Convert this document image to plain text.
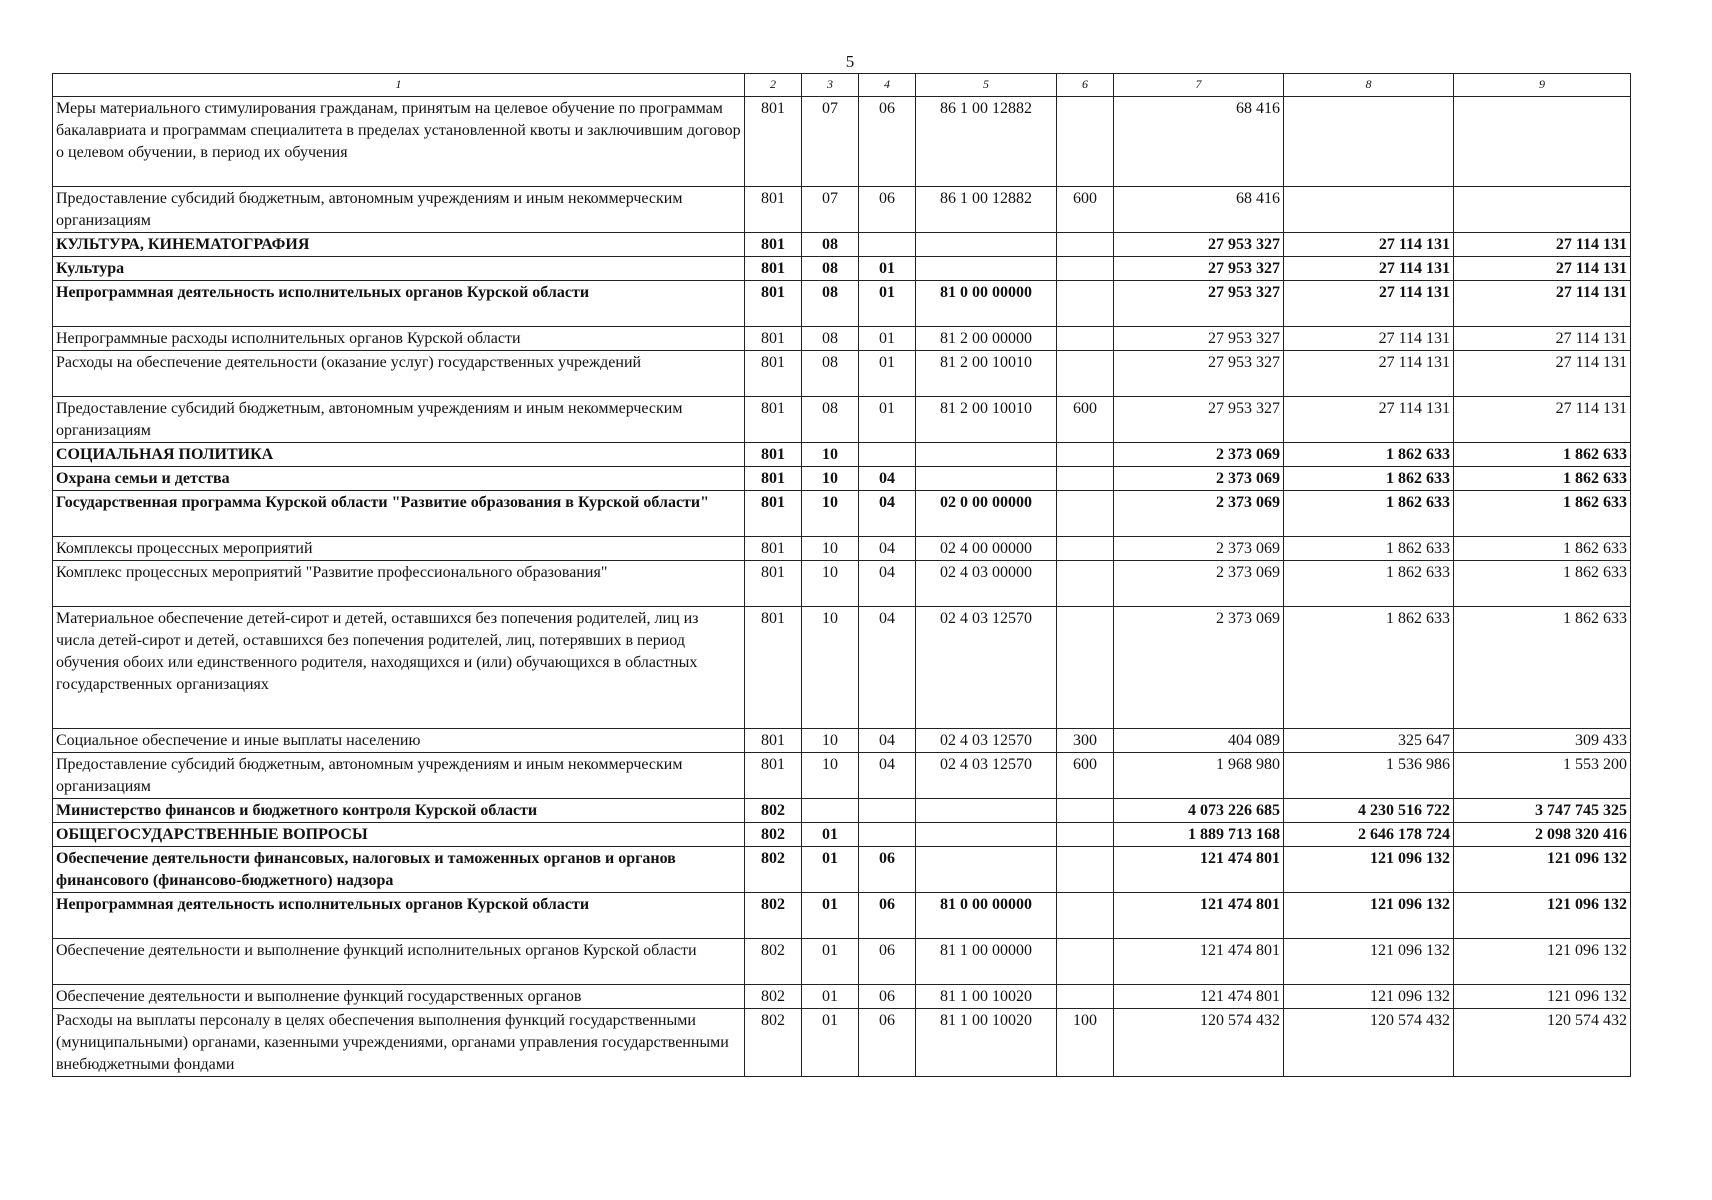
5
1	2	3	4	5	6	7	8	9
Меры материального стимулирования гражданам, принятым на целевое обучение по программам бакалавриата и программам специалитета в пределах установленной квоты и заключившим договор о целевом обучении, в период их обучения	801	07	06	86 1 00 12882		68 416		
Предоставление субсидий бюджетным, автономным учреждениям и иным некоммерческим организациям	801	07	06	86 1 00 12882	600	68 416		
КУЛЬТУРА, КИНЕМАТОГРАФИЯ	801	08				27 953 327	27 114 131	27 114 131
Культура	801	08	01			27 953 327	27 114 131	27 114 131
Непрограммная деятельность исполнительных органов Курской области	801	08	01	81 0 00 00000		27 953 327	27 114 131	27 114 131
Непрограммные расходы исполнительных органов Курской области	801	08	01	81 2 00 00000		27 953 327	27 114 131	27 114 131
Расходы на обеспечение деятельности (оказание услуг) государственных учреждений	801	08	01	81 2 00 10010		27 953 327	27 114 131	27 114 131
Предоставление субсидий бюджетным, автономным учреждениям и иным некоммерческим организациям	801	08	01	81 2 00 10010	600	27 953 327	27 114 131	27 114 131
СОЦИАЛЬНАЯ ПОЛИТИКА	801	10				2 373 069	1 862 633	1 862 633
Охрана семьи и детства	801	10	04			2 373 069	1 862 633	1 862 633
Государственная программа Курской области "Развитие образования в Курской области"	801	10	04	02 0 00 00000		2 373 069	1 862 633	1 862 633
Комплексы процессных мероприятий	801	10	04	02 4 00 00000		2 373 069	1 862 633	1 862 633
Комплекс процессных мероприятий "Развитие профессионального образования"	801	10	04	02 4 03 00000		2 373 069	1 862 633	1 862 633
Материальное обеспечение детей-сирот и детей, оставшихся без попечения родителей, лиц из числа детей-сирот и детей, оставшихся без попечения родителей, лиц, потерявших в период обучения обоих или единственного родителя, находящихся и (или) обучающихся в областных государственных организациях	801	10	04	02 4 03 12570		2 373 069	1 862 633	1 862 633
Социальное обеспечение и иные выплаты населению	801	10	04	02 4 03 12570	300	404 089	325 647	309 433
Предоставление субсидий бюджетным, автономным учреждениям и иным некоммерческим организациям	801	10	04	02 4 03 12570	600	1 968 980	1 536 986	1 553 200
Министерство финансов и бюджетного контроля Курской области	802					4 073 226 685	4 230 516 722	3 747 745 325
ОБЩЕГОСУДАРСТВЕННЫЕ ВОПРОСЫ	802	01				1 889 713 168	2 646 178 724	2 098 320 416
Обеспечение деятельности финансовых, налоговых и таможенных органов и органов финансового (финансово-бюджетного) надзора	802	01	06			121 474 801	121 096 132	121 096 132
Непрограммная деятельность исполнительных органов Курской области	802	01	06	81 0 00 00000		121 474 801	121 096 132	121 096 132
Обеспечение деятельности и выполнение функций исполнительных органов Курской области	802	01	06	81 1 00 00000		121 474 801	121 096 132	121 096 132
Обеспечение деятельности и выполнение функций государственных органов	802	01	06	81 1 00 10020		121 474 801	121 096 132	121 096 132
Расходы на выплаты персоналу в целях обеспечения выполнения функций государственными (муниципальными) органами, казенными учреждениями, органами управления государственными внебюджетными фондами	802	01	06	81 1 00 10020	100	120 574 432	120 574 432	120 574 432
